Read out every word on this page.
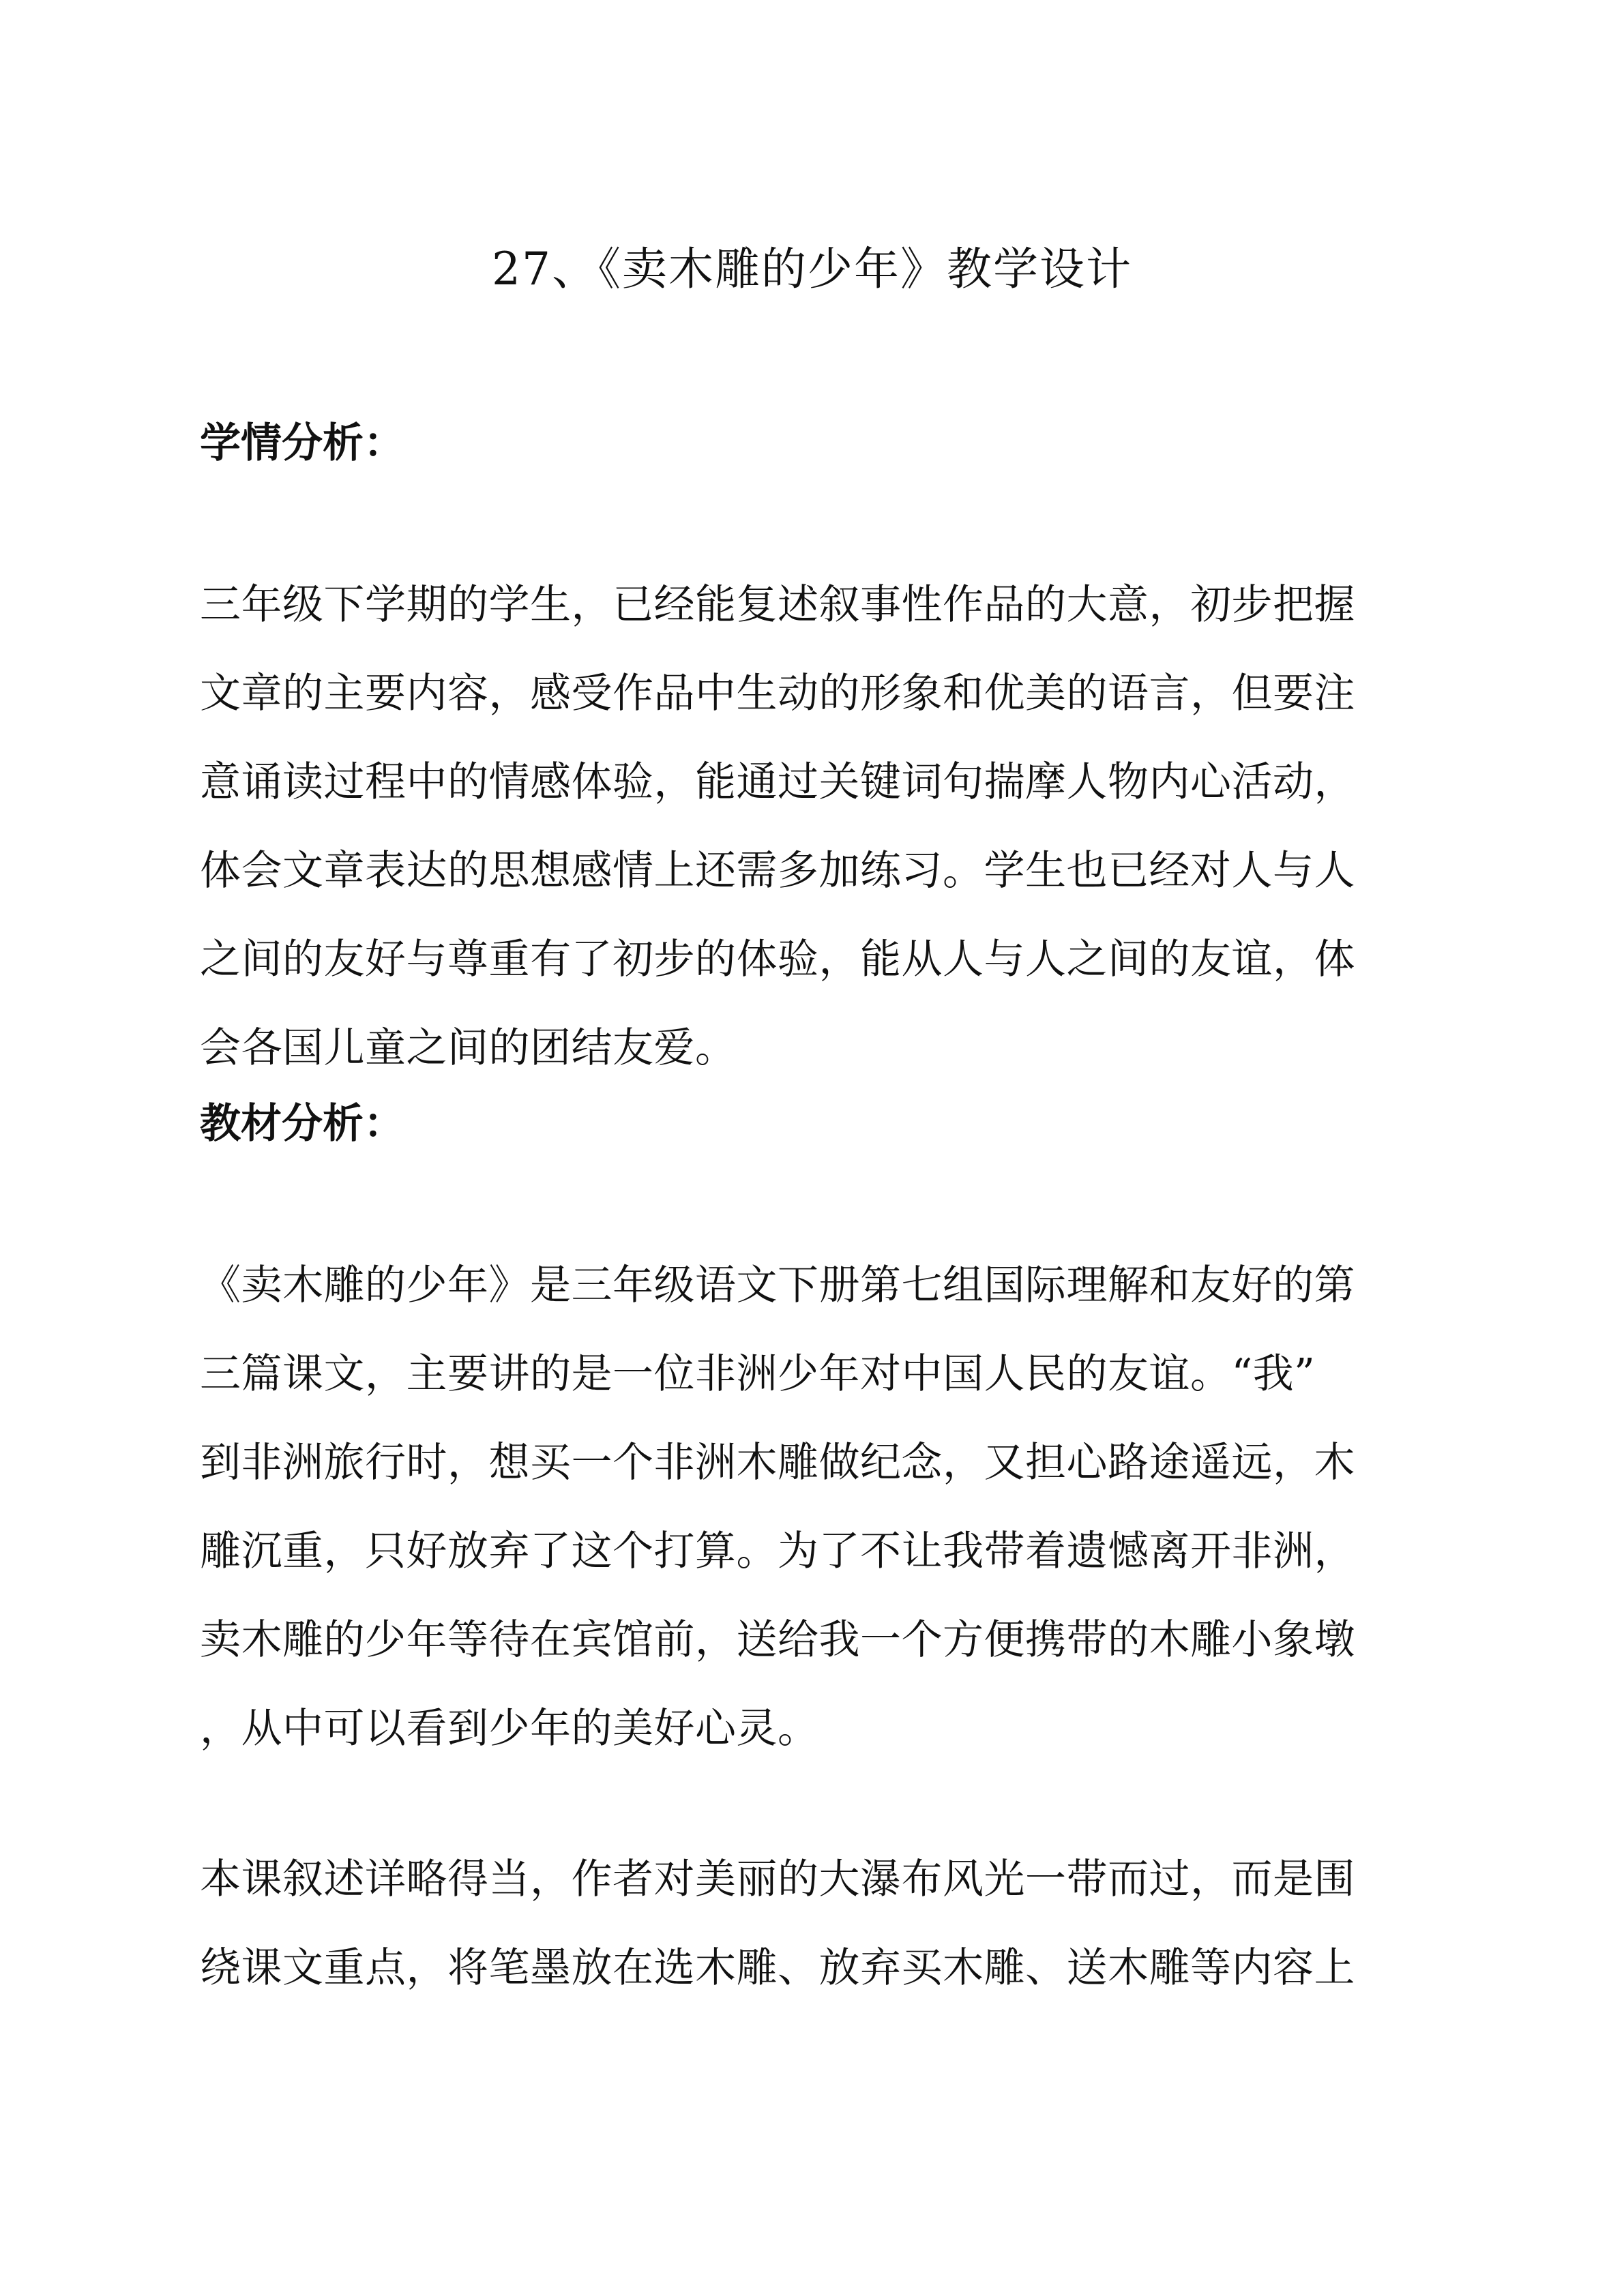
27、《卖木雕的少年》教学设计
学情分析：
三年级下学期的学生，已经能复述叙事性作品的大意，初步把握
文章的主要内容，感受作品中生动的形象和优美的语言，但要注
意诵读过程中的情感体验，能通过关键词句揣摩人物内心活动，
体会文章表达的思想感情上还需多加练习。学生也已经对人与人
之间的友好与尊重有了初步的体验，能从人与人之间的友谊，体
会各国儿童之间的团结友爱。
教材分析：
《卖木雕的少年》是三年级语文下册第七组国际理解和友好的第
三篇课文，主要讲的是一位非洲少年对中国人民的友谊。“我”
到非洲旅行时，想买一个非洲木雕做纪念，又担心路途遥远，木
雕沉重，只好放弃了这个打算。为了不让我带着遗憾离开非洲，
卖木雕的少年等待在宾馆前，送给我一个方便携带的木雕小象墩
，从中可以看到少年的美好心灵。
本课叙述详略得当，作者对美丽的大瀑布风光一带而过，而是围
绕课文重点，将笔墨放在选木雕、放弃买木雕、送木雕等内容上
